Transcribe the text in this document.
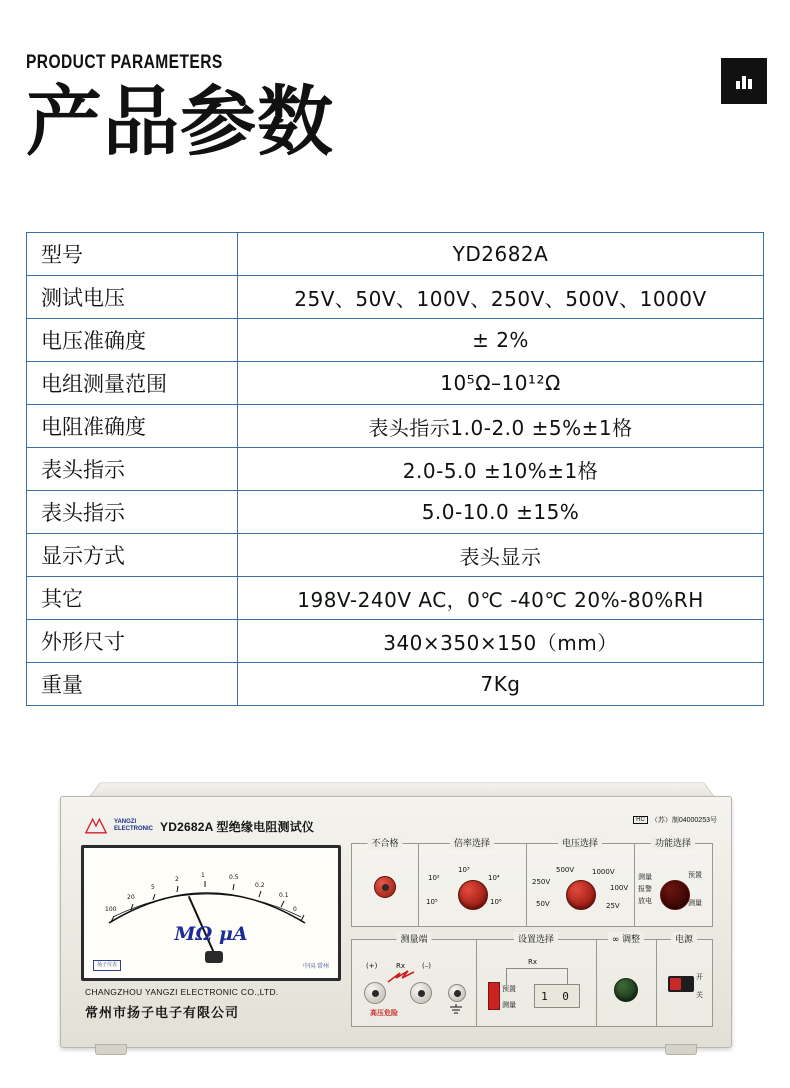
PRODUCT PARAMETERS
产品参数
型号	YD2682A
测试电压	25V、50V、100V、250V、500V、1000V
电压准确度	± 2%
电组测量范围	10⁵Ω–10¹²Ω
电阻准确度	表头指示1.0-2.0 ±5%±1格
表头指示	2.0-5.0 ±10%±1格
表头指示	5.0-10.0 ±15%
显示方式	表头显示
其它	198V-240V AC，0℃ -40℃ 20%-80%RH
外形尺寸	340×350×150（mm）
重量	7Kg
YANGZI
ELECTRONIC YD2682A 型绝缘电阻测试仪	HC （苏）制04000253号
100
20
5
2
1	0.5
0.2
0.1
0
MΩ μA
扬子仪表	中国·常州
CHANGZHOU YANGZI ELECTRONIC CO.,LTD.
常州市扬子电子有限公司
不合格	倍率选择
10²
10³
10⁴
10⁵	10⁶
电压选择
500V	1000V
250V
100V
50V	25V
功能选择
测量
报警
放电
预置
测量
测量端
(+)	Rx (–)
高压危险
设置选择
Rx
预置
测量
1 0
∞ 调整	电源
开
关
